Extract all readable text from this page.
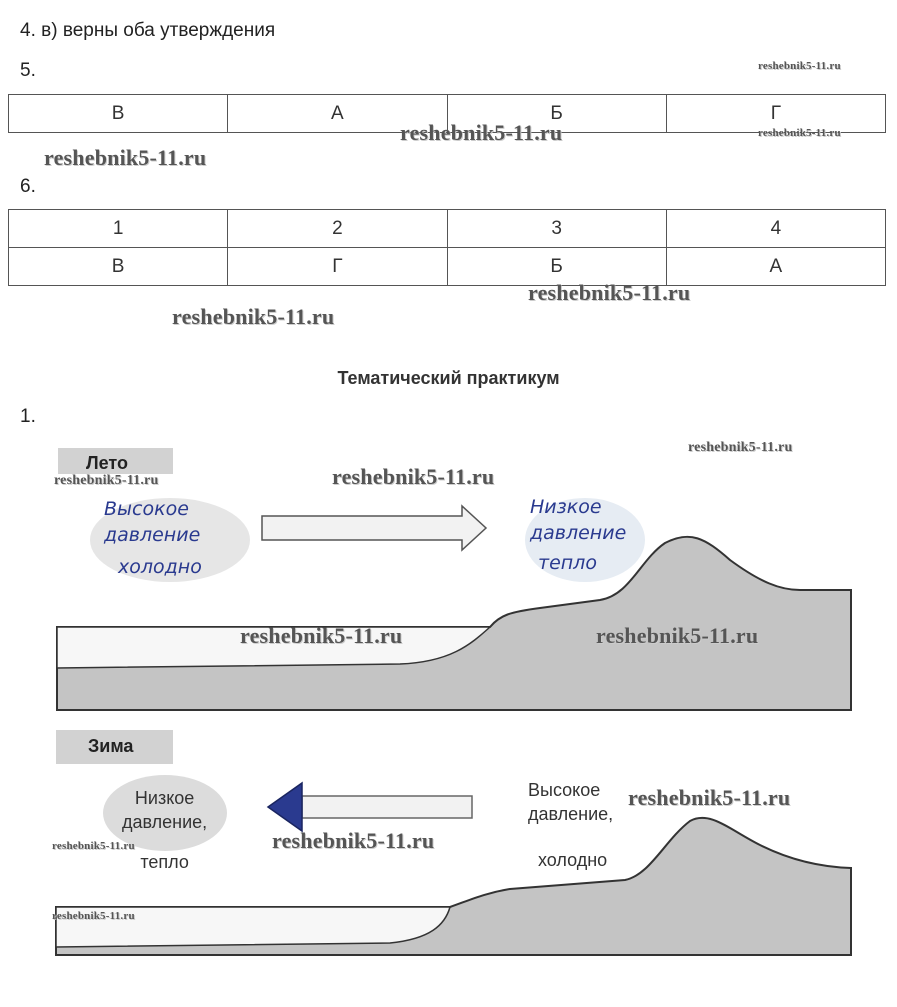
4. в) верны оба утверждения
5.
В	А	Б	Г
6.
1	2	3	4
В	Г	Б	А
Тематический практикум
1.
Лето
Высокое
давление
холодно
Низкое
давление
тепло
Зима
Низкое
давление,
тепло
Высокое
давление,
холодно
reshebnik5-11.ru
reshebnik5-11.ru	reshebnik5-11.ru
reshebnik5-11.ru
reshebnik5-11.ru
reshebnik5-11.ru
reshebnik5-11.ru
reshebnik5-11.ru	reshebnik5-11.ru
reshebnik5-11.ru	reshebnik5-11.ru
reshebnik5-11.ru
reshebnik5-11.ru	reshebnik5-11.ru
reshebnik5-11.ru
